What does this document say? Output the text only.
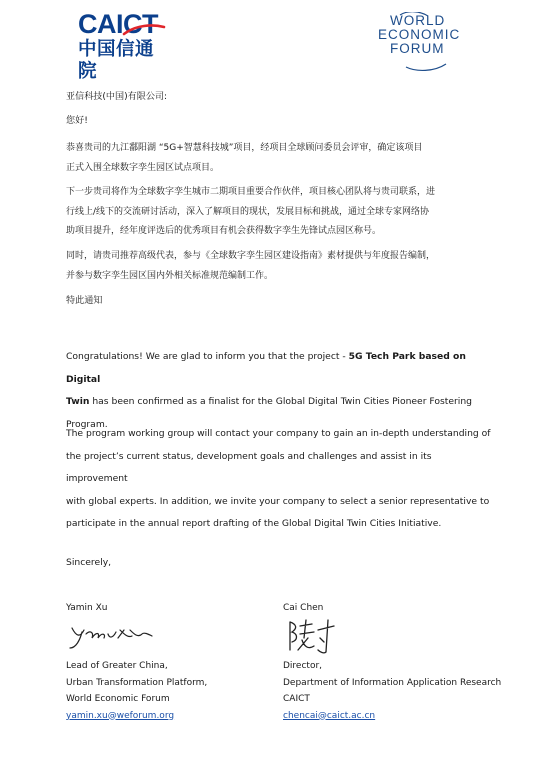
CAICT
中国信通院
WORLD
ECONOMIC
FORUM
亚信科技(中国)有限公司:
您好!
恭喜贵司的九江鄱阳湖 “5G+智慧科技城”项目，经项目全球顾问委员会评审，确定该项目
正式入围全球数字孪生园区试点项目。
下一步贵司将作为全球数字孪生城市二期项目重要合作伙伴，项目核心团队将与贵司联系，进
行线上/线下的交流研讨活动，深入了解项目的现状，发展目标和挑战，通过全球专家网络协
助项目提升，经年度评选后的优秀项目有机会获得数字孪生先锋试点园区称号。
同时，请贵司推荐高级代表，参与《全球数字孪生园区建设指南》素材提供与年度报告编制，
并参与数字孪生园区国内外相关标准规范编制工作。
特此通知
Congratulations! We are glad to inform you that the project - 5G Tech Park based on Digital
Twin has been confirmed as a finalist for the Global Digital Twin Cities Pioneer Fostering
Program.
The program working group will contact your company to gain an in-depth understanding of
the project’s current status, development goals and challenges and assist in its improvement
with global experts. In addition, we invite your company to select a senior representative to
participate in the annual report drafting of the Global Digital Twin Cities Initiative.
Sincerely,
Yamin Xu
Lead of Greater China,
Urban Transformation Platform,
World Economic Forum
yamin.xu@weforum.org
Cai Chen
Director,
Department of Information Application Research
CAICT
chencai@caict.ac.cn
